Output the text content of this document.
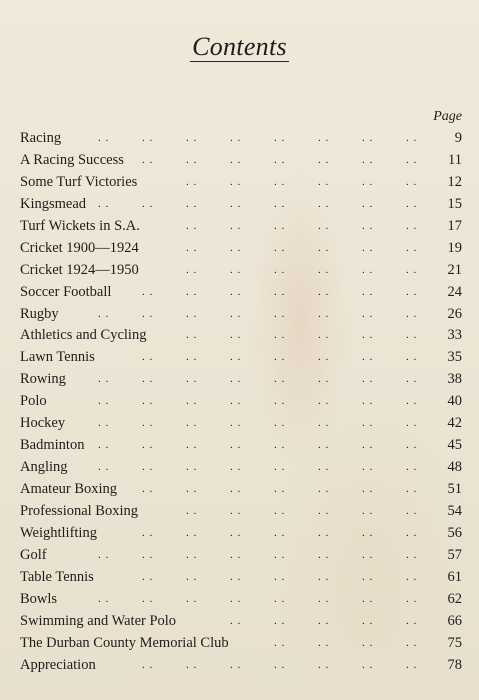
Contents
Page
. .	. .	. .	. .	. .	. .	. .	. .
Racing	9
. .	. .	. .	. .	. .	. .	. .
A Racing Success	11
. .	. .	. .	. .	. .	. .
Some Turf Victories	12
. .	. .	. .	. .	. .	. .	. .	. .
Kingsmead	15
. .	. .	. .	. .	. .	. .
Turf Wickets in S.A.	17
. .	. .	. .	. .	. .	. .
Cricket 1900—1924	19
. .	. .	. .	. .	. .	. .
Cricket 1924—1950	21
. .	. .	. .	. .	. .	. .	. .
Soccer Football	24
. .	. .	. .	. .	. .	. .	. .	. .
Rugby	26
. .	. .	. .	. .	. .	. .
Athletics and Cycling	33
. .	. .	. .	. .	. .	. .	. .
Lawn Tennis	35
. .	. .	. .	. .	. .	. .	. .	. .
Rowing	38
. .	. .	. .	. .	. .	. .	. .	. .
Polo	40
. .	. .	. .	. .	. .	. .	. .	. .
Hockey	42
. .	. .	. .	. .	. .	. .	. .	. .
Badminton	45
. .	. .	. .	. .	. .	. .	. .	. .
Angling	48
. .	. .	. .	. .	. .	. .	. .
Amateur Boxing	51
. .	. .	. .	. .	. .	. .
Professional Boxing	54
. .	. .	. .	. .	. .	. .	. .
Weightlifting	56
. .	. .	. .	. .	. .	. .	. .	. .
Golf	57
. .	. .	. .	. .	. .	. .	. .
Table Tennis	61
. .	. .	. .	. .	. .	. .	. .	. .
Bowls	62
. .	. .	. .	. .	. .
Swimming and Water Polo	66
. .	. .	. .	. .
The Durban County Memorial Club	75
. .	. .	. .	. .	. .	. .	. .
Appreciation	78
